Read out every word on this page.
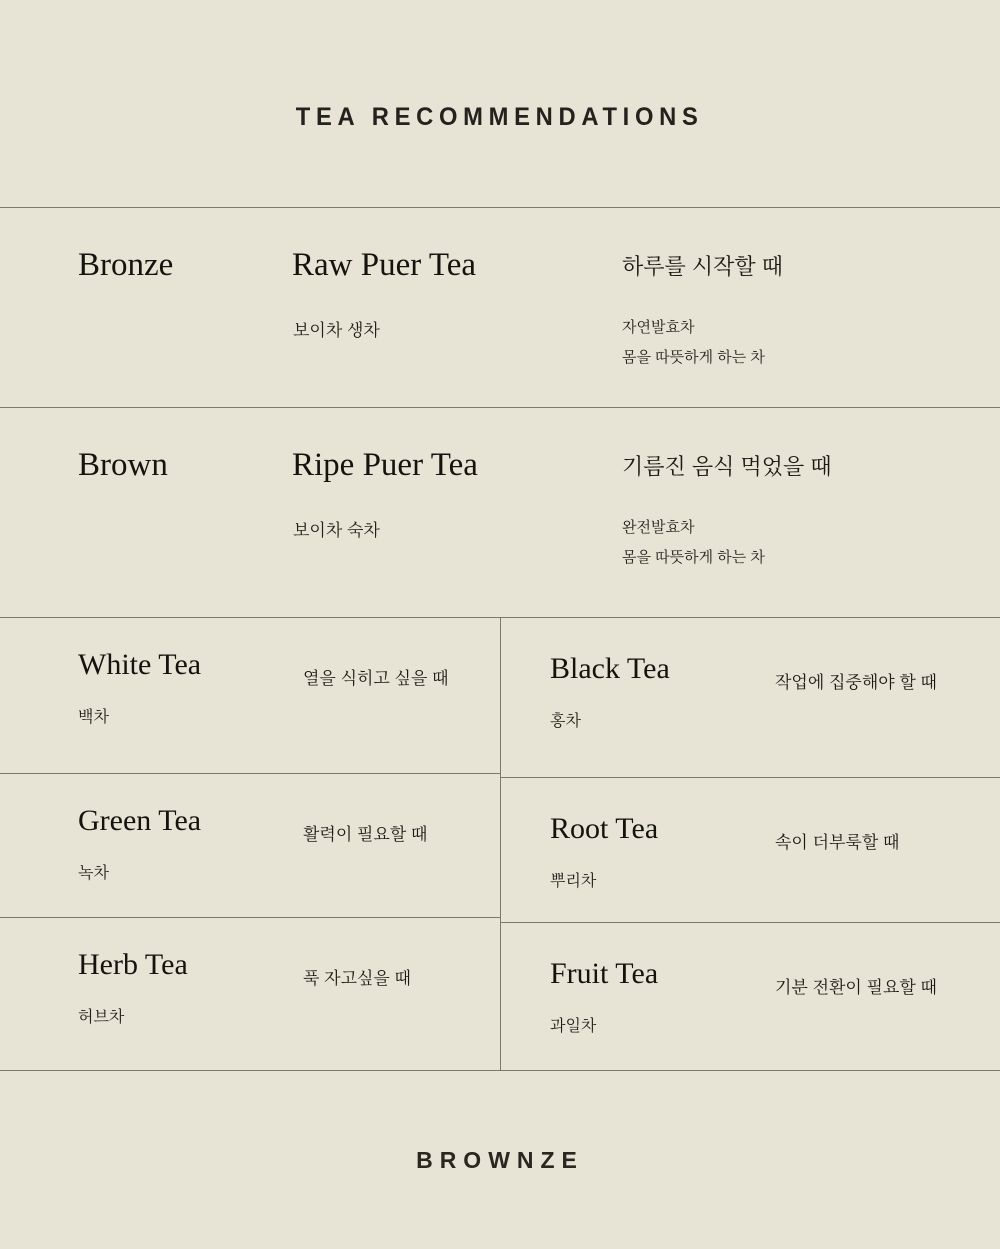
TEA RECOMMENDATIONS
Bronze	Raw Puer Tea
보이차 생차
하루를 시작할 때
자연발효차
몸을 따뜻하게 하는 차
Brown	Ripe Puer Tea
보이차 숙차
기름진 음식 먹었을 때
완전발효차
몸을 따뜻하게 하는 차
White Tea
백차
열을 식히고 싶을 때
Green Tea
녹차
활력이 필요할 때
Herb Tea
허브차
푹 자고싶을 때
Black Tea
홍차
작업에 집중해야 할 때
Root Tea
뿌리차
속이 더부룩할 때
Fruit Tea
과일차
기분 전환이 필요할 때
BROWNZE
